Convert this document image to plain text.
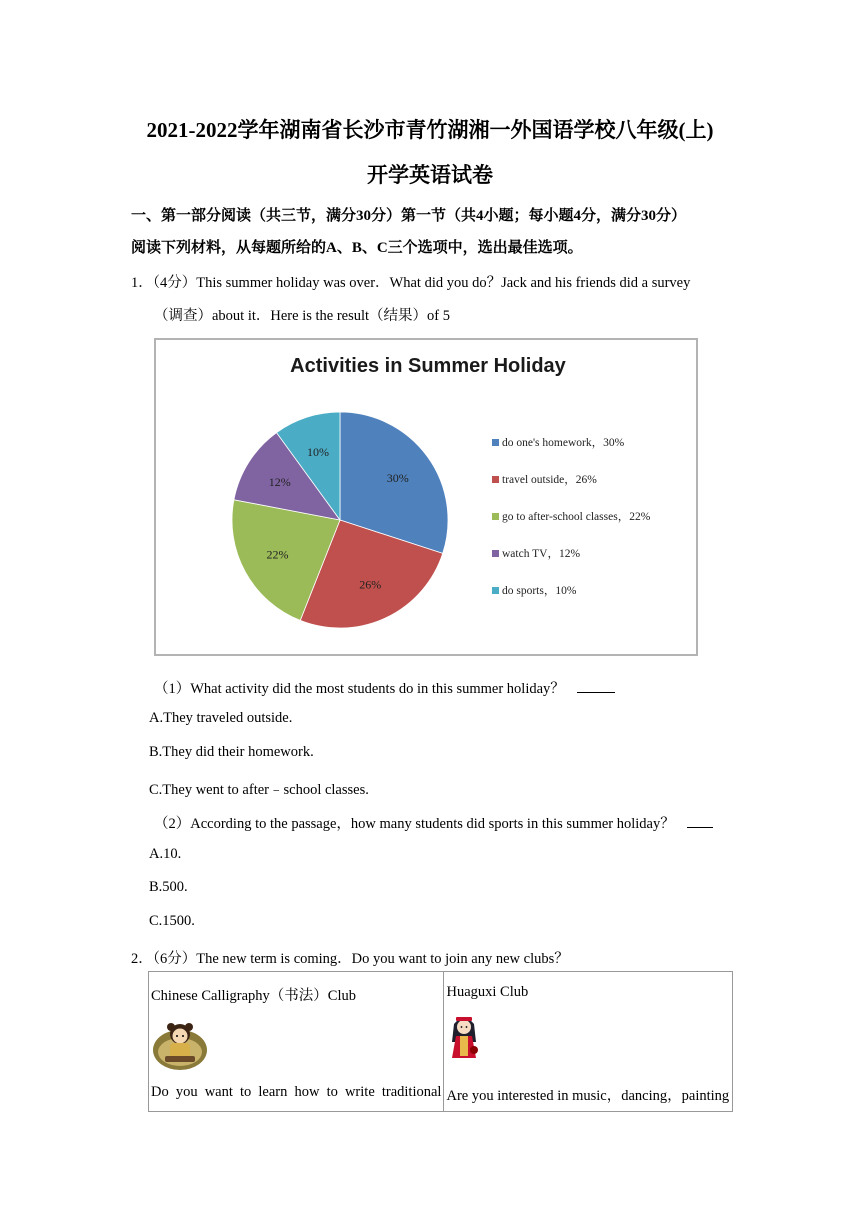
2021-2022学年湖南省长沙市青竹湖湘一外国语学校八年级(上)
开学英语试卷
一、第一部分阅读（共三节，满分30分）第一节（共4小题；每小题4分，满分30分）
阅读下列材料，从每题所给的A、B、C三个选项中，选出最佳选项。
1．（4分）This summer holiday was over．What did you do？Jack and his friends did a survey
（调查）about it．Here is the result（结果）of 5
Activities in Summer Holiday
30%
26%
22%
12%
10%
do one's homework，30%
travel outside，26%
go to after-school classes，22%
watch TV，12%
do sports，10%
（1）What activity did the most students do in this summer holiday？
A.They traveled outside.
B.They did their homework.
C.They went to after﹣school classes.
（2）According to the passage，how many students did sports in this summer holiday？
A.10.
B.500.
C.1500.
2．（6分）The new term is coming．Do you want to join any new clubs？
Chinese Calligraphy（书法）Club
Do you want to learn how to write traditional

Huaguxi Club
Are you interested in music，dancing，painting
